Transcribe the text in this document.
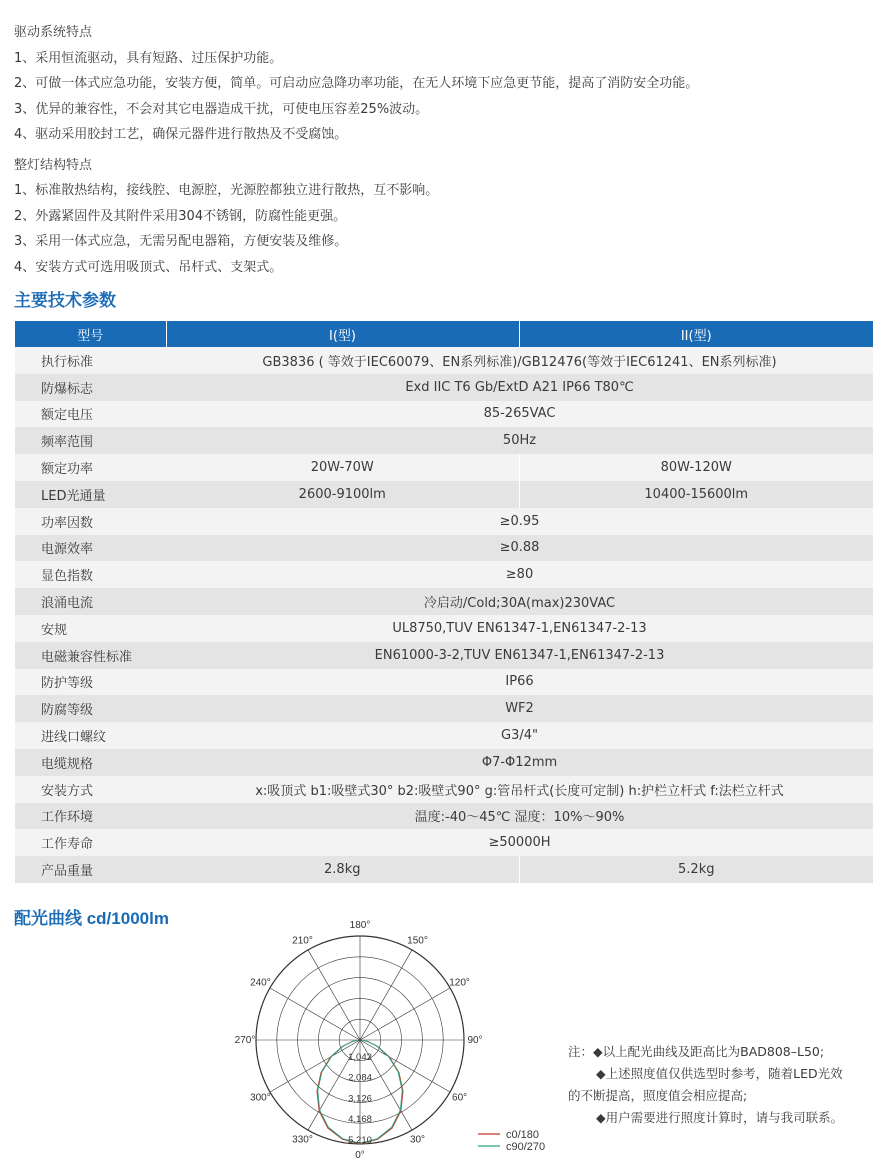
驱动系统特点

1、采用恒流驱动，具有短路、过压保护功能。

2、可做一体式应急功能，安装方便，简单。可启动应急降功率功能，在无人环境下应急更节能，提高了消防安全功能。

3、优异的兼容性，不会对其它电器造成干扰，可使电压容差25%波动。

4、驱动采用胶封工艺，确保元器件进行散热及不受腐蚀。

整灯结构特点

1、标准散热结构，接线腔、电源腔，光源腔都独立进行散热，互不影响。

2、外露紧固件及其附件采用304不锈钢，防腐性能更强。

3、采用一体式应急，无需另配电器箱，方便安装及维修。

4、安装方式可选用吸顶式、吊杆式、支架式。

主要技术参数
型号	I(型)	II(型)
执行标准	GB3836 ( 等效于IEC60079、EN系列标准)/GB12476(等效于IEC61241、EN系列标准)	
防爆标志	Exd IIC T6 Gb/ExtD A21 IP66 T80℃	
额定电压	85-265VAC	
频率范围	50Hz	
额定功率	20W-70W	80W-120W
LED光通量	2600-9100lm	10400-15600lm
功率因数	≥0.95	
电源效率	≥0.88	
显色指数	≥80	
浪涌电流	冷启动/Cold;30A(max)230VAC	
安规	UL8750,TUV EN61347-1,EN61347-2-13	
电磁兼容性标准	EN61000-3-2,TUV EN61347-1,EN61347-2-13	
防护等级	IP66	
防腐等级	WF2	
进线口螺纹	G3/4"	
电缆规格	Φ7-Φ12mm	
安装方式	x:吸顶式 b1:吸壁式30° b2:吸壁式90° g:管吊杆式(长度可定制) h:护栏立杆式 f:法栏立杆式	
工作环境	温度:-40～45℃ 湿度：10%～90%	
工作寿命	≥50000H	
产品重量	2.8kg	5.2kg
配光曲线 cd/1000lm	180°
150°
120°
90°
60°
30°
0°
330°
300°
270°
240°
210°
1,042
2,084
3,126
4,168
5,210	c0/180
c90/270

注：◆以上配光曲线及距高比为BAD808–L50;

◆上述照度值仅供选型时参考，随着LED光效

的不断提高，照度值会相应提高;

◆用户需要进行照度计算时，请与我司联系。
